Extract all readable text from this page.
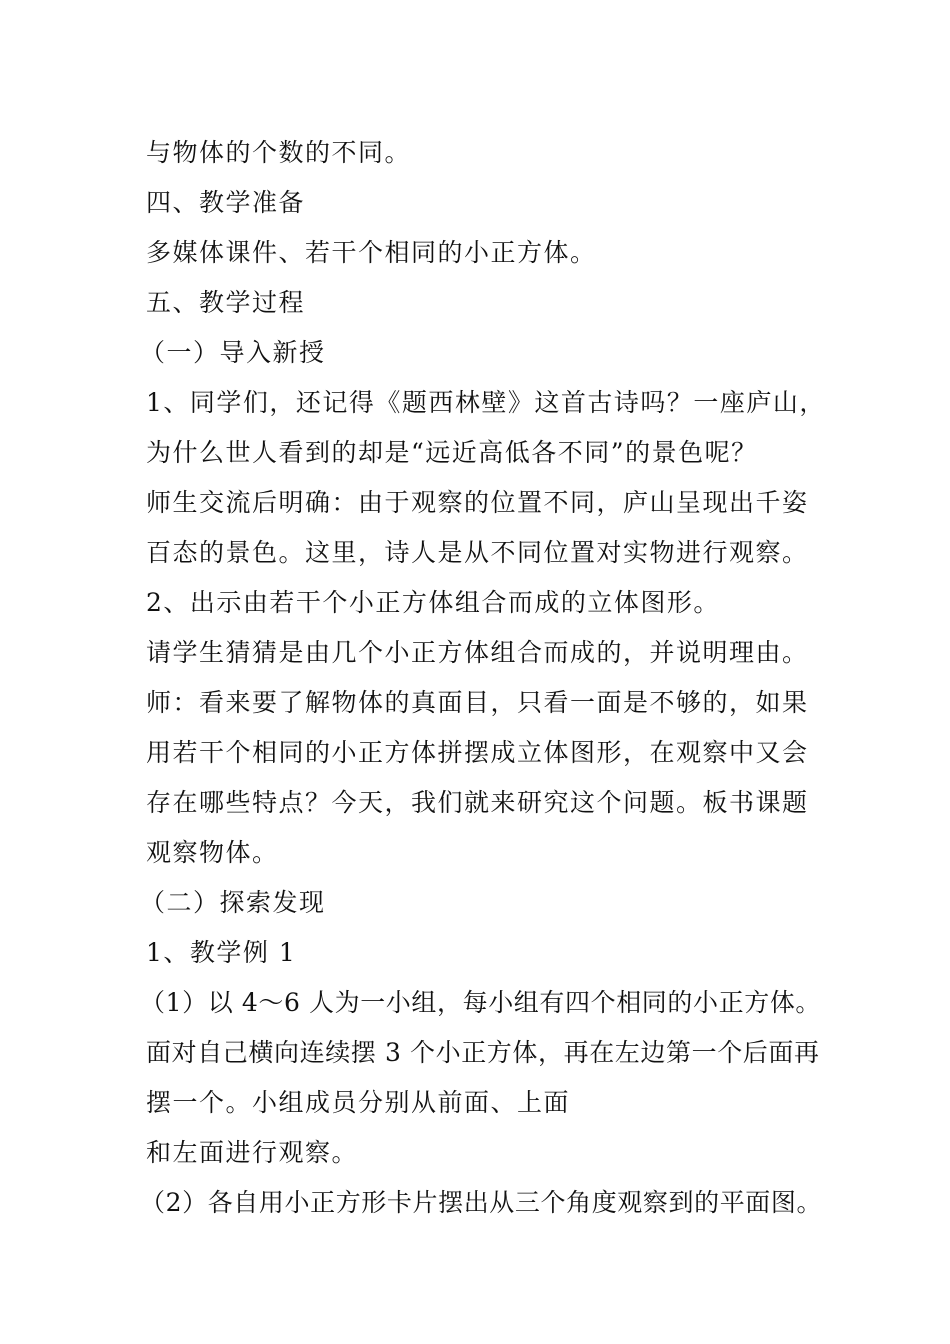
与物体的个数的不同。
四、教学准备
多媒体课件、若干个相同的小正方体。
五、教学过程
（一）导入新授
1、同学们，还记得《题西林壁》这首古诗吗？一座庐山，
为什么世人看到的却是“远近高低各不同”的景色呢？
师生交流后明确：由于观察的位置不同，庐山呈现出千姿
百态的景色。这里，诗人是从不同位置对实物进行观察。
2、出示由若干个小正方体组合而成的立体图形。
请学生猜猜是由几个小正方体组合而成的，并说明理由。
师：看来要了解物体的真面目，只看一面是不够的，如果
用若干个相同的小正方体拼摆成立体图形，在观察中又会
存在哪些特点？今天，我们就来研究这个问题。板书课题
观察物体。
（二）探索发现
1、教学例 1
（1）以 4～6 人为一小组，每小组有四个相同的小正方体。
面对自己横向连续摆 3 个小正方体，再在左边第一个后面再
摆一个。小组成员分别从前面、上面
和左面进行观察。
（2）各自用小正方形卡片摆出从三个角度观察到的平面图。
